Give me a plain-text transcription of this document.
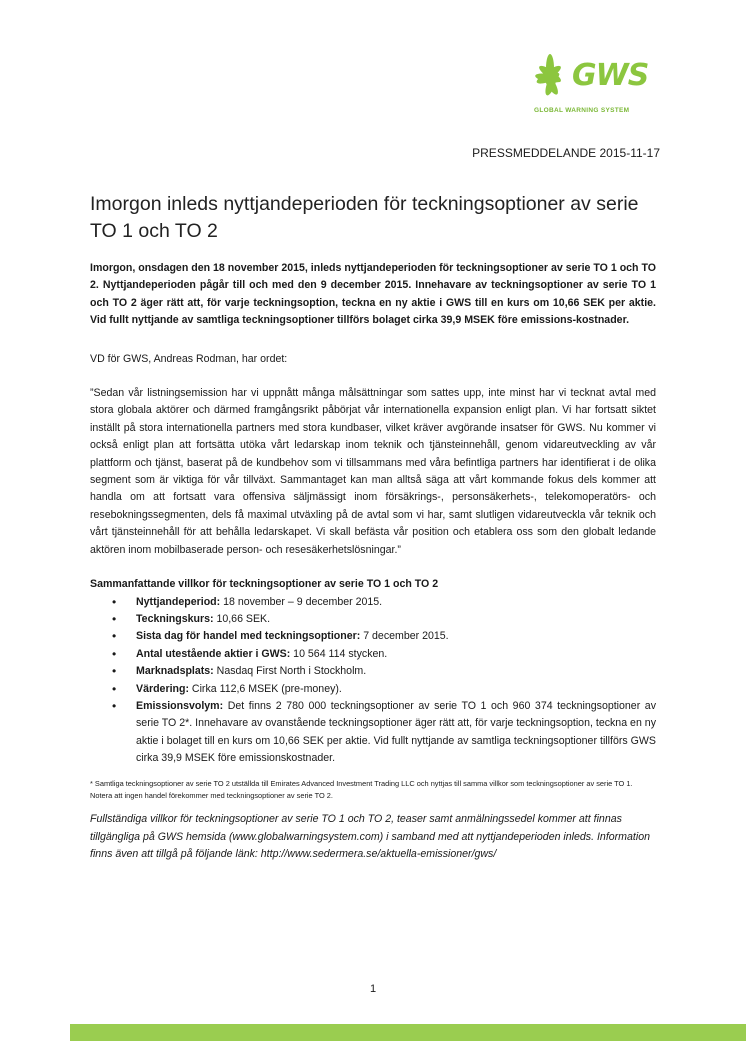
GWS
GLOBAL WARNING SYSTEM
PRESSMEDDELANDE 2015-11-17
Imorgon inleds nyttjandeperioden för teckningsoptioner av serie TO 1 och TO 2

Imorgon, onsdagen den 18 november 2015, inleds nyttjandeperioden för teckningsoptioner av serie TO 1 och TO 2. Nyttjandeperioden pågår till och med den 9 december 2015. Innehavare av teckningsoptioner av serie TO 1 och TO 2 äger rätt att, för varje teckningsoption, teckna en ny aktie i GWS till en kurs om 10,66 SEK per aktie. Vid fullt nyttjande av samtliga teckningsoptioner tillförs bolaget cirka 39,9 MSEK före emissions-kostnader.

VD för GWS, Andreas Rodman, har ordet:

”Sedan vår listningsemission har vi uppnått många målsättningar som sattes upp, inte minst har vi tecknat avtal med stora globala aktörer och därmed framgångsrikt påbörjat vår internationella expansion enligt plan. Vi har fortsatt siktet inställt på stora internationella partners med stora kundbaser, vilket kräver avgörande insatser för GWS. Nu kommer vi också enligt plan att fortsätta utöka vårt ledarskap inom teknik och tjänsteinnehåll, genom vidareutveckling av vår plattform och tjänst, baserat på de kundbehov som vi tillsammans med våra befintliga partners har identifierat i de olika segment som är viktiga för vår tillväxt. Sammantaget kan man alltså säga att vårt kommande fokus dels kommer att handla om att fortsatt vara offensiva säljmässigt inom försäkrings-, personsäkerhets-, telekomoperatörs- och resebokningssegmenten, dels få maximal utväxling på de avtal som vi har, samt slutligen vidareutveckla vår teknik och vårt tjänsteinnehåll för att behålla ledarskapet. Vi skall befästa vår position och etablera oss som den globalt ledande aktören inom mobilbaserade person- och resesäkerhetslösningar.”

Sammanfattande villkor för teckningsoptioner av serie TO 1 och TO 2

• Nyttjandeperiod: 18 november – 9 december 2015.
• Teckningskurs: 10,66 SEK.
• Sista dag för handel med teckningsoptioner: 7 december 2015.
• Antal utestående aktier i GWS: 10 564 114 stycken.
• Marknadsplats: Nasdaq First North i Stockholm.
• Värdering: Cirka 112,6 MSEK (pre-money).
• Emissionsvolym: Det finns 2 780 000 teckningsoptioner av serie TO 1 och 960 374 teckningsoptioner av serie TO 2*. Innehavare av ovanstående teckningsoptioner äger rätt att, för varje teckningsoption, teckna en ny aktie i bolaget till en kurs om 10,66 SEK per aktie. Vid fullt nyttjande av samtliga teckningsoptioner tillförs GWS cirka 39,9 MSEK före emissionskostnader.

* Samtliga teckningsoptioner av serie TO 2 utställda till Emirates Advanced Investment Trading LLC och nyttjas till samma villkor som teckningsoptioner av serie TO 1. Notera att ingen handel förekommer med teckningsoptioner av serie TO 2.

Fullständiga villkor för teckningsoptioner av serie TO 1 och TO 2, teaser samt anmälningssedel kommer att finnas tillgängliga på GWS hemsida (www.globalwarningsystem.com) i samband med att nyttjandeperioden inleds. Information finns även att tillgå på följande länk: http://www.sedermera.se/aktuella-emissioner/gws/

1
